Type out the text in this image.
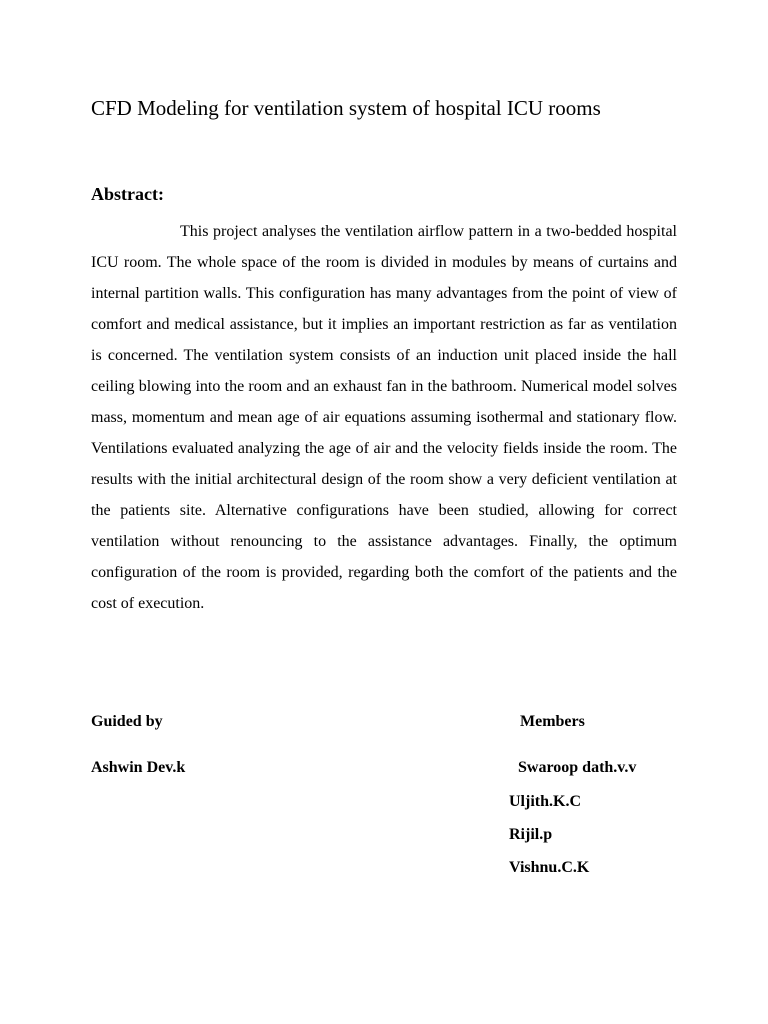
CFD Modeling for ventilation system of hospital ICU rooms
Abstract:

This project analyses the ventilation airflow pattern in a two-bedded hospital ICU room. The whole space of the room is divided in modules by means of curtains and internal partition walls. This configuration has many advantages from the point of view of comfort and medical assistance, but it implies an important restriction as far as ventilation is concerned. The ventilation system consists of an induction unit placed inside the hall ceiling blowing into the room and an exhaust fan in the bathroom. Numerical model solves mass, momentum and mean age of air equations assuming isothermal and stationary flow. Ventilations evaluated analyzing the age of air and the velocity fields inside the room. The results with the initial architectural design of the room show a very deficient ventilation at the patients site. Alternative configurations have been studied, allowing for correct ventilation without renouncing to the assistance advantages. Finally, the optimum configuration of the room is provided, regarding both the comfort of the patients and the cost of execution.

Guided by
Ashwin Dev.k
Members
Swaroop dath.v.v
Uljith.K.C
Rijil.p
Vishnu.C.K
